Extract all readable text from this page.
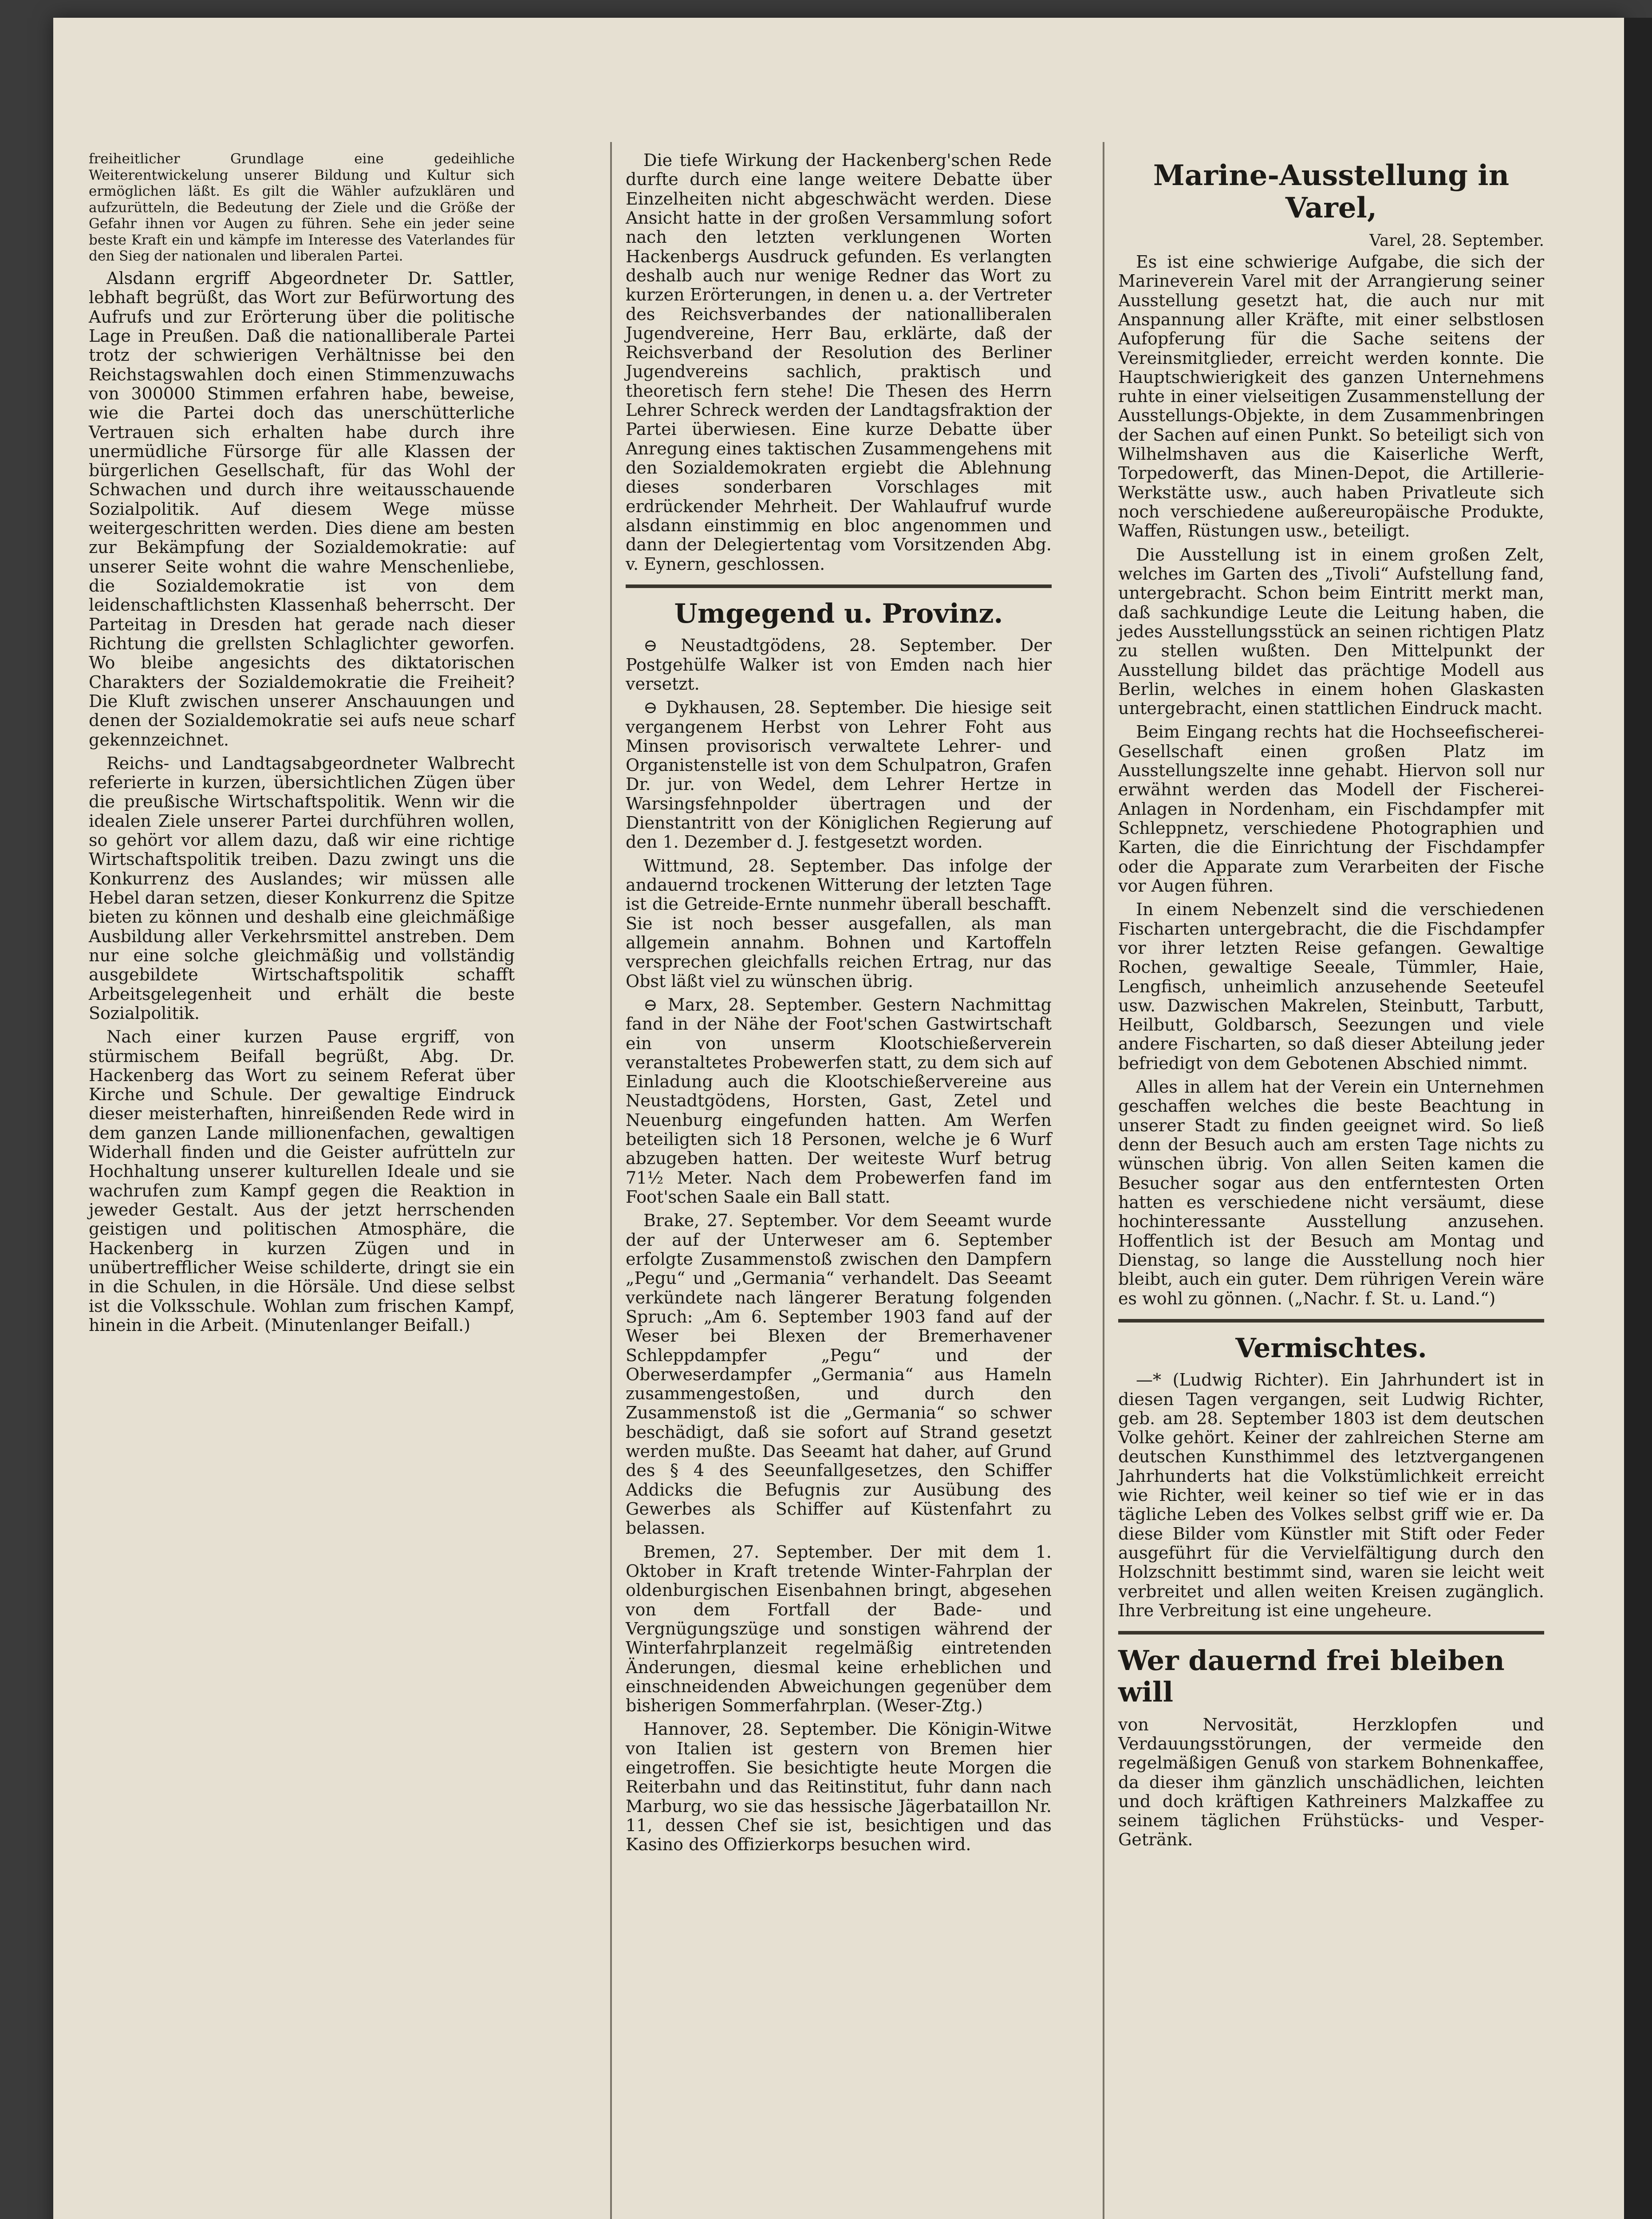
freiheitlicher Grundlage eine gedeihliche Weiterentwickelung unserer Bildung und Kultur sich ermöglichen läßt. Es gilt die Wähler aufzuklären und aufzurütteln, die Bedeutung der Ziele und die Größe der Gefahr ihnen vor Augen zu führen. Sehe ein jeder seine beste Kraft ein und kämpfe im Interesse des Vaterlandes für den Sieg der nationalen und liberalen Partei.

Alsdann ergriff Abgeordneter Dr. Sattler, lebhaft begrüßt, das Wort zur Befürwortung des Aufrufs und zur Erörterung über die politische Lage in Preußen. Daß die nationalliberale Partei trotz der schwierigen Verhältnisse bei den Reichstagswahlen doch einen Stimmenzuwachs von 300000 Stimmen erfahren habe, beweise, wie die Partei doch das unerschütterliche Vertrauen sich erhalten habe durch ihre unermüdliche Fürsorge für alle Klassen der bürgerlichen Gesellschaft, für das Wohl der Schwachen und durch ihre weitausschauende Sozialpolitik. Auf diesem Wege müsse weitergeschritten werden. Dies diene am besten zur Bekämpfung der Sozialdemokratie: auf unserer Seite wohnt die wahre Menschenliebe, die Sozialdemokratie ist von dem leidenschaftlichsten Klassenhaß beherrscht. Der Parteitag in Dresden hat gerade nach dieser Richtung die grellsten Schlaglichter geworfen. Wo bleibe angesichts des diktatorischen Charakters der Sozialdemokratie die Freiheit? Die Kluft zwischen unserer Anschauungen und denen der Sozialdemokratie sei aufs neue scharf gekennzeichnet.

Reichs- und Landtagsabgeordneter Walbrecht referierte in kurzen, übersichtlichen Zügen über die preußische Wirtschaftspolitik. Wenn wir die idealen Ziele unserer Partei durchführen wollen, so gehört vor allem dazu, daß wir eine richtige Wirtschaftspolitik treiben. Dazu zwingt uns die Konkurrenz des Auslandes; wir müssen alle Hebel daran setzen, dieser Konkurrenz die Spitze bieten zu können und deshalb eine gleichmäßige Ausbildung aller Verkehrsmittel anstreben. Dem nur eine solche gleichmäßig und vollständig ausgebildete Wirtschaftspolitik schafft Arbeitsgelegenheit und erhält die beste Sozialpolitik.

Nach einer kurzen Pause ergriff, von stürmischem Beifall begrüßt, Abg. Dr. Hackenberg das Wort zu seinem Referat über Kirche und Schule. Der gewaltige Eindruck dieser meisterhaften, hinreißenden Rede wird in dem ganzen Lande millionenfachen, gewaltigen Widerhall finden und die Geister aufrütteln zur Hochhaltung unserer kulturellen Ideale und sie wachrufen zum Kampf gegen die Reaktion in jeweder Gestalt. Aus der jetzt herrschenden geistigen und politischen Atmosphäre, die Hackenberg in kurzen Zügen und in unübertrefflicher Weise schilderte, dringt sie ein in die Schulen, in die Hörsäle. Und diese selbst ist die Volksschule. Wohlan zum frischen Kampf, hinein in die Arbeit. (Minutenlanger Beifall.)

Die tiefe Wirkung der Hackenberg'schen Rede durfte durch eine lange weitere Debatte über Einzelheiten nicht abgeschwächt werden. Diese Ansicht hatte in der großen Versammlung sofort nach den letzten verklungenen Worten Hackenbergs Ausdruck gefunden. Es verlangten deshalb auch nur wenige Redner das Wort zu kurzen Erörterungen, in denen u. a. der Vertreter des Reichsverbandes der nationalliberalen Jugendvereine, Herr Bau, erklärte, daß der Reichsverband der Resolution des Berliner Jugendvereins sachlich, praktisch und theoretisch fern stehe! Die Thesen des Herrn Lehrer Schreck werden der Landtagsfraktion der Partei überwiesen. Eine kurze Debatte über Anregung eines taktischen Zusammengehens mit den Sozialdemokraten ergiebt die Ablehnung dieses sonderbaren Vorschlages mit erdrückender Mehrheit. Der Wahlaufruf wurde alsdann einstimmig en bloc angenommen und dann der Delegiertentag vom Vorsitzenden Abg. v. Eynern, geschlossen.

Umgegend u. Provinz.

⊖ Neustadtgödens, 28. September. Der Postgehülfe Walker ist von Emden nach hier versetzt.

⊖ Dykhausen, 28. September. Die hiesige seit vergangenem Herbst von Lehrer Foht aus Minsen provisorisch verwaltete Lehrer- und Organistenstelle ist von dem Schulpatron, Grafen Dr. jur. von Wedel, dem Lehrer Hertze in Warsingsfehnpolder übertragen und der Dienstantritt von der Königlichen Regierung auf den 1. Dezember d. J. festgesetzt worden.

Wittmund, 28. September. Das infolge der andauernd trockenen Witterung der letzten Tage ist die Getreide-Ernte nunmehr überall beschafft. Sie ist noch besser ausgefallen, als man allgemein annahm. Bohnen und Kartoffeln versprechen gleichfalls reichen Ertrag, nur das Obst läßt viel zu wünschen übrig.

⊖ Marx, 28. September. Gestern Nachmittag fand in der Nähe der Foot'schen Gastwirtschaft ein von unserm Klootschießerverein veranstaltetes Probewerfen statt, zu dem sich auf Einladung auch die Klootschießervereine aus Neustadtgödens, Horsten, Gast, Zetel und Neuenburg eingefunden hatten. Am Werfen beteiligten sich 18 Personen, welche je 6 Wurf abzugeben hatten. Der weiteste Wurf betrug 71½ Meter. Nach dem Probewerfen fand im Foot'schen Saale ein Ball statt.

Brake, 27. September. Vor dem Seeamt wurde der auf der Unterweser am 6. September erfolgte Zusammenstoß zwischen den Dampfern „Pegu“ und „Germania“ verhandelt. Das Seeamt verkündete nach längerer Beratung folgenden Spruch: „Am 6. September 1903 fand auf der Weser bei Blexen der Bremerhavener Schleppdampfer „Pegu“ und der Oberweserdampfer „Germania“ aus Hameln zusammengestoßen, und durch den Zusammenstoß ist die „Germania“ so schwer beschädigt, daß sie sofort auf Strand gesetzt werden mußte. Das Seeamt hat daher, auf Grund des § 4 des Seeunfallgesetzes, den Schiffer Addicks die Befugnis zur Ausübung des Gewerbes als Schiffer auf Küstenfahrt zu belassen.

Bremen, 27. September. Der mit dem 1. Oktober in Kraft tretende Winter-Fahrplan der oldenburgischen Eisenbahnen bringt, abgesehen von dem Fortfall der Bade- und Vergnügungszüge und sonstigen während der Winterfahrplanzeit regelmäßig eintretenden Änderungen, diesmal keine erheblichen und einschneidenden Abweichungen gegenüber dem bisherigen Sommerfahrplan. (Weser-Ztg.)

Hannover, 28. September. Die Königin-Witwe von Italien ist gestern von Bremen hier eingetroffen. Sie besichtigte heute Morgen die Reiterbahn und das Reitinstitut, fuhr dann nach Marburg, wo sie das hessische Jägerbataillon Nr. 11, dessen Chef sie ist, besichtigen und das Kasino des Offizierkorps besuchen wird.

Marine-Ausstellung in Varel,
Varel, 28. September.

Es ist eine schwierige Aufgabe, die sich der Marineverein Varel mit der Arrangierung seiner Ausstellung gesetzt hat, die auch nur mit Anspannung aller Kräfte, mit einer selbstlosen Aufopferung für die Sache seitens der Vereinsmitglieder, erreicht werden konnte. Die Hauptschwierigkeit des ganzen Unternehmens ruhte in einer vielseitigen Zusammenstellung der Ausstellungs-Objekte, in dem Zusammenbringen der Sachen auf einen Punkt. So beteiligt sich von Wilhelmshaven aus die Kaiserliche Werft, Torpedowerft, das Minen-Depot, die Artillerie-Werkstätte usw., auch haben Privatleute sich noch verschiedene außereuropäische Produkte, Waffen, Rüstungen usw., beteiligt.

Die Ausstellung ist in einem großen Zelt, welches im Garten des „Tivoli“ Aufstellung fand, untergebracht. Schon beim Eintritt merkt man, daß sachkundige Leute die Leitung haben, die jedes Ausstellungsstück an seinen richtigen Platz zu stellen wußten. Den Mittelpunkt der Ausstellung bildet das prächtige Modell aus Berlin, welches in einem hohen Glaskasten untergebracht, einen stattlichen Eindruck macht.

Beim Eingang rechts hat die Hochseefischerei-Gesellschaft einen großen Platz im Ausstellungszelte inne gehabt. Hiervon soll nur erwähnt werden das Modell der Fischerei-Anlagen in Nordenham, ein Fischdampfer mit Schleppnetz, verschiedene Photographien und Karten, die die Einrichtung der Fischdampfer oder die Apparate zum Verarbeiten der Fische vor Augen führen.

In einem Nebenzelt sind die verschiedenen Fischarten untergebracht, die die Fischdampfer vor ihrer letzten Reise gefangen. Gewaltige Rochen, gewaltige Seeale, Tümmler, Haie, Lengfisch, unheimlich anzusehende Seeteufel usw. Dazwischen Makrelen, Steinbutt, Tarbutt, Heilbutt, Goldbarsch, Seezungen und viele andere Fischarten, so daß dieser Abteilung jeder befriedigt von dem Gebotenen Abschied nimmt.

Alles in allem hat der Verein ein Unternehmen geschaffen welches die beste Beachtung in unserer Stadt zu finden geeignet wird. So ließ denn der Besuch auch am ersten Tage nichts zu wünschen übrig. Von allen Seiten kamen die Besucher sogar aus den entferntesten Orten hatten es verschiedene nicht versäumt, diese hochinteressante Ausstellung anzusehen. Hoffentlich ist der Besuch am Montag und Dienstag, so lange die Ausstellung noch hier bleibt, auch ein guter. Dem rührigen Verein wäre es wohl zu gönnen. („Nachr. f. St. u. Land.“)

Vermischtes.

—* (Ludwig Richter). Ein Jahrhundert ist in diesen Tagen vergangen, seit Ludwig Richter, geb. am 28. September 1803 ist dem deutschen Volke gehört. Keiner der zahlreichen Sterne am deutschen Kunsthimmel des letztvergangenen Jahrhunderts hat die Volkstümlichkeit erreicht wie Richter, weil keiner so tief wie er in das tägliche Leben des Volkes selbst griff wie er. Da diese Bilder vom Künstler mit Stift oder Feder ausgeführt für die Vervielfältigung durch den Holzschnitt bestimmt sind, waren sie leicht weit verbreitet und allen weiten Kreisen zugänglich. Ihre Verbreitung ist eine ungeheure.

Wer dauernd frei bleiben will

von Nervosität, Herzklopfen und Verdauungsstörungen, der vermeide den regelmäßigen Genuß von starkem Bohnenkaffee, da dieser ihm gänzlich unschädlichen, leichten und doch kräftigen Kathreiners Malzkaffee zu seinem täglichen Frühstücks- und Vesper-Getränk.
